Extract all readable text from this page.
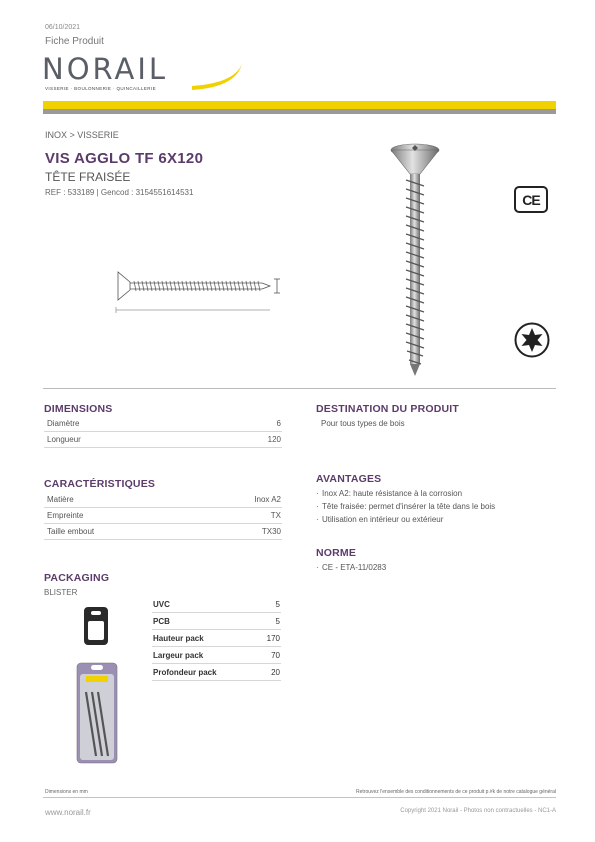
06/10/2021
Fiche Produit
NORAIL
VISSERIE · BOULONNERIE · QUINCAILLERIE
INOX > VISSERIE
VIS AGGLO TF 6X120
TÊTE FRAISÉE
REF : 533189 | Gencod : 3154551614531	CE
DIMENSIONS
Diamètre	6
Longueur	120
CARACTÉRISTIQUES
Matière	Inox A2
Empreinte	TX
Taille embout	TX30
PACKAGING
BLISTER
UVC	5
PCB	5
Hauteur pack	170
Largeur pack	70
Profondeur pack	20
DESTINATION DU PRODUIT
Pour tous types de bois
AVANTAGES
· Inox A2: haute résistance à la corrosion
· Tête fraisée: permet d'insérer la tête dans le bois
· Utilisation en intérieur ou extérieur
NORME
· CE - ETA-11/0283
Dimensions en mm	Retrouvez l'ensemble des conditionnements de ce produit p.#k de notre catalogue général
www.norail.fr	Copyright 2021 Norail - Photos non contractuelles - NC1-A
